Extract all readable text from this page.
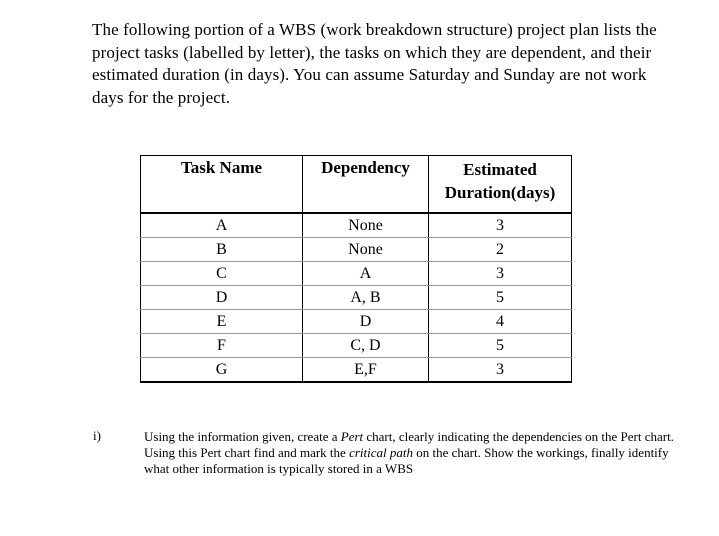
The following portion of a WBS (work breakdown structure) project plan lists the project tasks (labelled by letter), the tasks on which they are dependent, and their estimated duration (in days). You can assume Saturday and Sunday are not work days for the project.

Task Name	Dependency	Estimated
Duration(days)
A	None	3
B	None	2
C	A	3
D	A, B	5
E	D	4
F	C, D	5
G	E,F	3
i)	Using the information given, create a Pert chart, clearly indicating the dependencies on the Pert chart. Using this Pert chart find and mark the critical path on the chart. Show the workings, finally identify what other information is typically stored in a WBS
